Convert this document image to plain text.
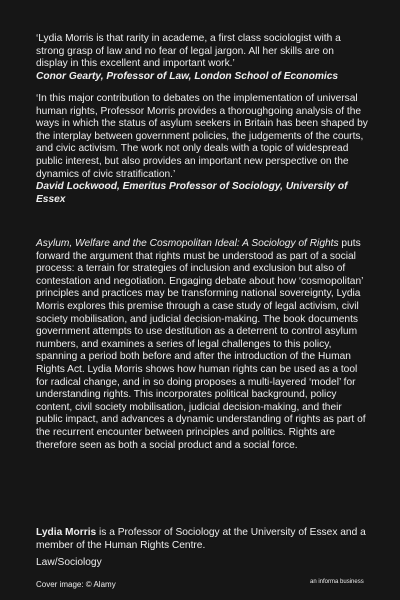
‘Lydia Morris is that rarity in academe, a first class sociologist with a strong grasp of law and no fear of legal jargon. All her skills are on display in this excellent and important work.’
Conor Gearty, Professor of Law, London School of Economics

‘In this major contribution to debates on the implementation of universal human rights, Professor Morris provides a thoroughgoing analysis of the ways in which the status of asylum seekers in Britain has been shaped by the interplay between government policies, the judgements of the courts, and civic activism. The work not only deals with a topic of widespread public interest, but also provides an important new perspective on the dynamics of civic stratification.’
David Lockwood, Emeritus Professor of Sociology, University of Essex

Asylum, Welfare and the Cosmopolitan Ideal: A Sociology of Rights puts forward the argument that rights must be understood as part of a social process: a terrain for strategies of inclusion and exclusion but also of contestation and negotiation. Engaging debate about how ‘cosmopolitan’ principles and practices may be transforming national sovereignty, Lydia Morris explores this premise through a case study of legal activism, civil society mobilisation, and judicial decision-making. The book documents government attempts to use destitution as a deterrent to control asylum numbers, and examines a series of legal challenges to this policy, spanning a period both before and after the introduction of the Human Rights Act. Lydia Morris shows how human rights can be used as a tool for radical change, and in so doing proposes a multi-layered ‘model’ for understanding rights. This incorporates political background, policy content, civil society mobilisation, judicial decision-making, and their public impact, and advances a dynamic understanding of rights as part of the recurrent encounter between principles and politics. Rights are therefore seen as both a social product and a social force.

Lydia Morris is a Professor of Sociology at the University of Essex and a member of the Human Rights Centre.

Law/Sociology

Cover image: © Alamy	an informa business
